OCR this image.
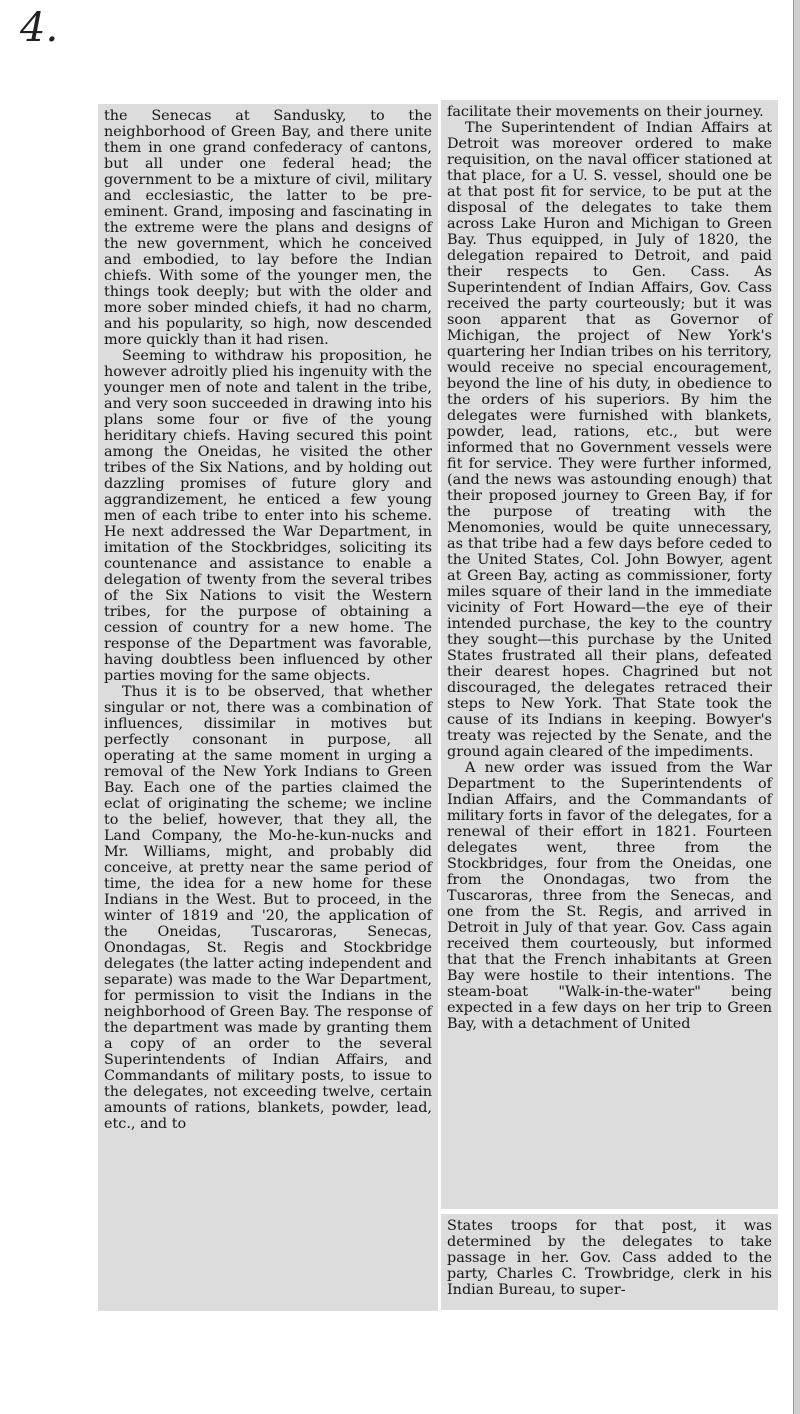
4.

the Senecas at Sandusky, to the neighborhood of Green Bay, and there unite them in one grand confederacy of cantons, but all under one federal head; the government to be a mixture of civil, military and ecclesiastic, the latter to be pre-eminent. Grand, imposing and fascinating in the extreme were the plans and designs of the new government, which he conceived and embodied, to lay before the Indian chiefs. With some of the younger men, the things took deeply; but with the older and more sober minded chiefs, it had no charm, and his popularity, so high, now descended more quickly than it had risen.

Seeming to withdraw his proposition, he however adroitly plied his ingenuity with the younger men of note and talent in the tribe, and very soon succeeded in drawing into his plans some four or five of the young heriditary chiefs. Having secured this point among the Oneidas, he visited the other tribes of the Six Nations, and by holding out dazzling promises of future glory and aggrandizement, he enticed a few young men of each tribe to enter into his scheme. He next addressed the War Department, in imitation of the Stockbridges, soliciting its countenance and assistance to enable a delegation of twenty from the several tribes of the Six Nations to visit the Western tribes, for the purpose of obtaining a cession of country for a new home. The response of the Department was favorable, having doubtless been influenced by other parties moving for the same objects.

Thus it is to be observed, that whether singular or not, there was a combination of influences, dissimilar in motives but perfectly consonant in purpose, all operating at the same moment in urging a removal of the New York Indians to Green Bay. Each one of the parties claimed the eclat of originating the scheme; we incline to the belief, however, that they all, the Land Company, the Mo-he-kun-nucks and Mr. Williams, might, and probably did conceive, at pretty near the same period of time, the idea for a new home for these Indians in the West. But to proceed, in the winter of 1819 and '20, the application of the Oneidas, Tuscaroras, Senecas, Onondagas, St. Regis and Stockbridge delegates (the latter acting independent and separate) was made to the War Department, for permission to visit the Indians in the neighborhood of Green Bay. The response of the department was made by granting them a copy of an order to the several Superintendents of Indian Affairs, and Commandants of military posts, to issue to the delegates, not exceeding twelve, certain amounts of rations, blankets, powder, lead, etc., and to

facilitate their movements on their journey.

The Superintendent of Indian Affairs at Detroit was moreover ordered to make requisition, on the naval officer stationed at that place, for a U. S. vessel, should one be at that post fit for service, to be put at the disposal of the delegates to take them across Lake Huron and Michigan to Green Bay. Thus equipped, in July of 1820, the delegation repaired to Detroit, and paid their respects to Gen. Cass. As Superintendent of Indian Affairs, Gov. Cass received the party courteously; but it was soon apparent that as Governor of Michigan, the project of New York's quartering her Indian tribes on his territory, would receive no special encouragement, beyond the line of his duty, in obedience to the orders of his superiors. By him the delegates were furnished with blankets, powder, lead, rations, etc., but were informed that no Government vessels were fit for service. They were further informed, (and the news was astounding enough) that their proposed journey to Green Bay, if for the purpose of treating with the Menomonies, would be quite unnecessary, as that tribe had a few days before ceded to the United States, Col. John Bowyer, agent at Green Bay, acting as commissioner, forty miles square of their land in the immediate vicinity of Fort Howard—the eye of their intended purchase, the key to the country they sought—this purchase by the United States frustrated all their plans, defeated their dearest hopes. Chagrined but not discouraged, the delegates retraced their steps to New York. That State took the cause of its Indians in keeping. Bowyer's treaty was rejected by the Senate, and the ground again cleared of the impediments.

A new order was issued from the War Department to the Superintendents of Indian Affairs, and the Commandants of military forts in favor of the delegates, for a renewal of their effort in 1821. Fourteen delegates went, three from the Stockbridges, four from the Oneidas, one from the Onondagas, two from the Tuscaroras, three from the Senecas, and one from the St. Regis, and arrived in Detroit in July of that year. Gov. Cass again received them courteously, but informed that that the French inhabitants at Green Bay were hostile to their intentions. The steam-boat "Walk-in-the-water" being expected in a few days on her trip to Green Bay, with a detachment of United

States troops for that post, it was determined by the delegates to take passage in her. Gov. Cass added to the party, Charles C. Trowbridge, clerk in his Indian Bureau, to super-
